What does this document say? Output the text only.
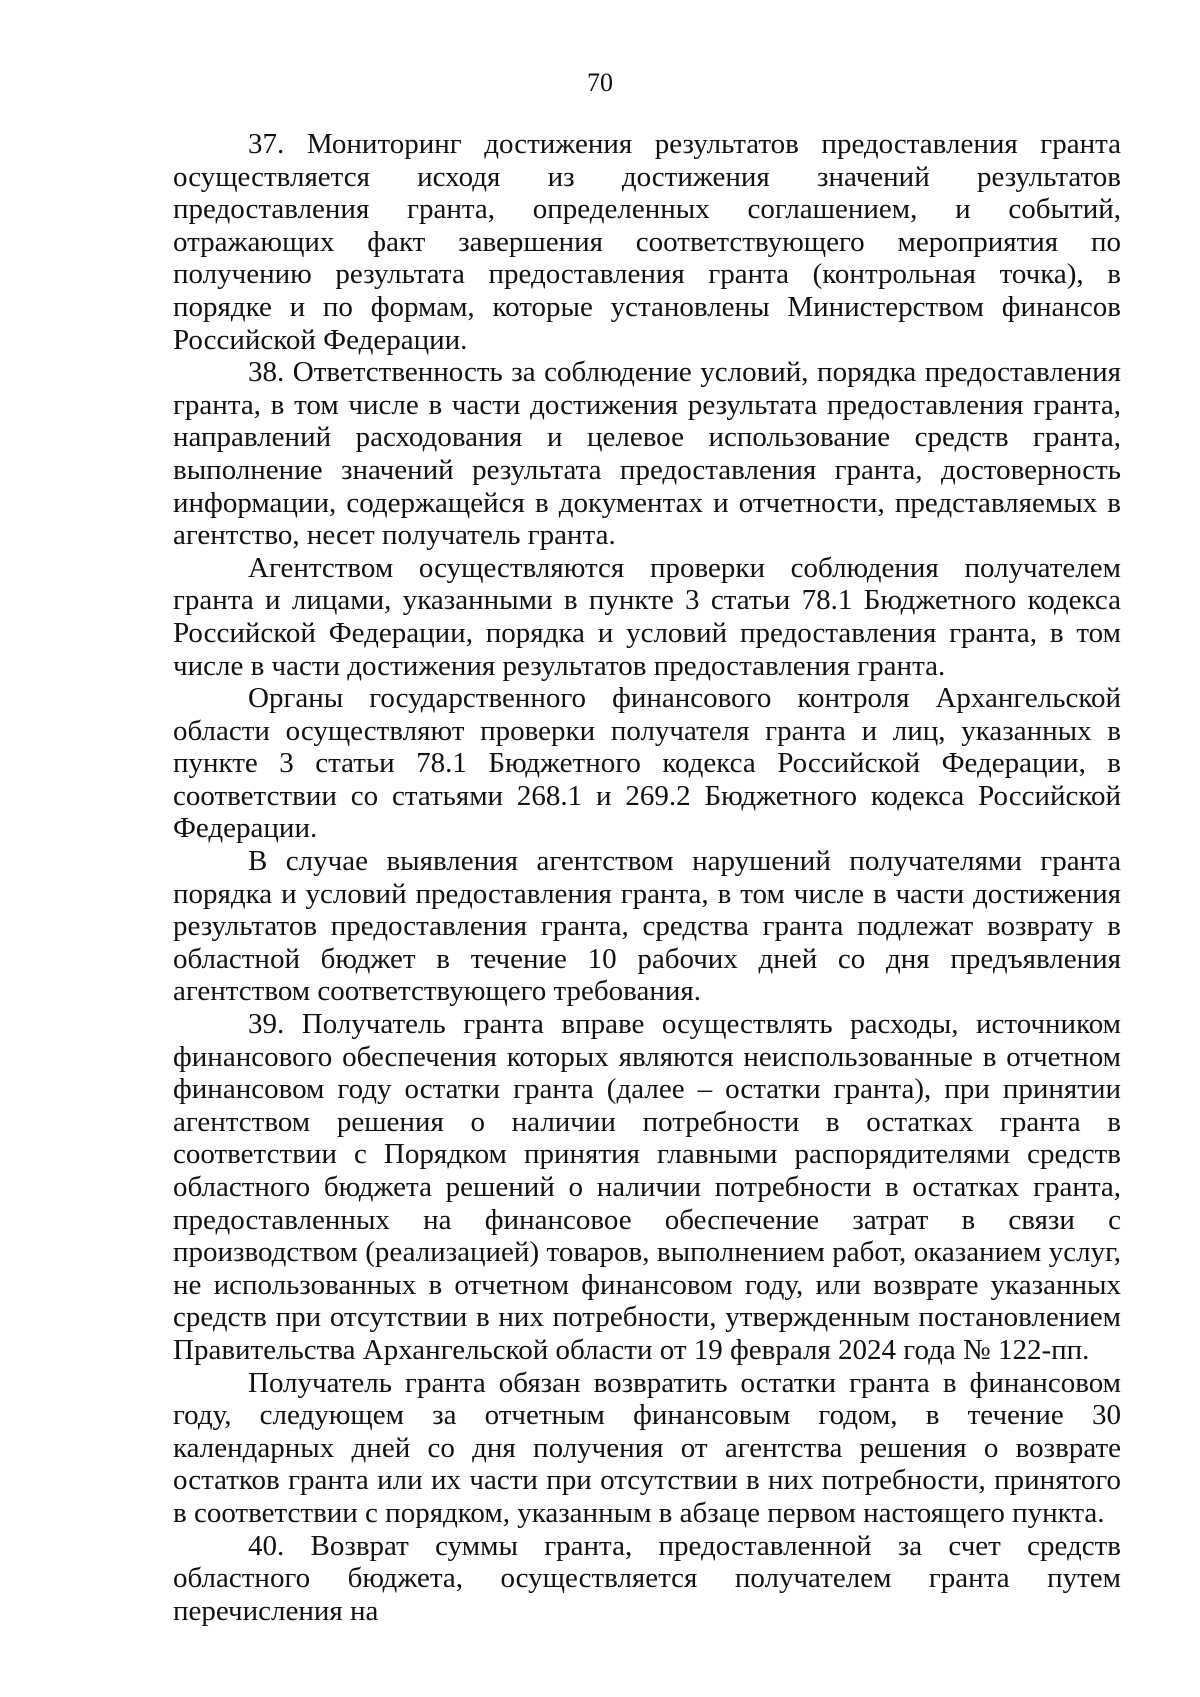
70

37. Мониторинг достижения результатов предоставления гранта осуществляется исходя из достижения значений результатов предоставления гранта, определенных соглашением, и событий, отражающих факт завершения соответствующего мероприятия по получению результата предоставления гранта (контрольная точка), в порядке и по формам, которые установлены Министерством финансов Российской Федерации.

38. Ответственность за соблюдение условий, порядка предоставления гранта, в том числе в части достижения результата предоставления гранта, направлений расходования и целевое использование средств гранта, выполнение значений результата предоставления гранта, достоверность информации, содержащейся в документах и отчетности, представляемых в агентство, несет получатель гранта.

Агентством осуществляются проверки соблюдения получателем гранта и лицами, указанными в пункте 3 статьи 78.1 Бюджетного кодекса Российской Федерации, порядка и условий предоставления гранта, в том числе в части достижения результатов предоставления гранта.

Органы государственного финансового контроля Архангельской области осуществляют проверки получателя гранта и лиц, указанных в пункте 3 статьи 78.1 Бюджетного кодекса Российской Федерации, в соответствии со статьями 268.1 и 269.2 Бюджетного кодекса Российской Федерации.

В случае выявления агентством нарушений получателями гранта порядка и условий предоставления гранта, в том числе в части достижения результатов предоставления гранта, средства гранта подлежат возврату в областной бюджет в течение 10 рабочих дней со дня предъявления агентством соответствующего требования.

39. Получатель гранта вправе осуществлять расходы, источником финансового обеспечения которых являются неиспользованные в отчетном финансовом году остатки гранта (далее – остатки гранта), при принятии агентством решения о наличии потребности в остатках гранта в соответствии с Порядком принятия главными распорядителями средств областного бюджета решений о наличии потребности в остатках гранта, предоставленных на финансовое обеспечение затрат в связи с производством (реализацией) товаров, выполнением работ, оказанием услуг, не использованных в отчетном финансовом году, или возврате указанных средств при отсутствии в них потребности, утвержденным постановлением Правительства Архангельской области от 19 февраля 2024 года № 122-пп.

Получатель гранта обязан возвратить остатки гранта в финансовом году, следующем за отчетным финансовым годом, в течение 30 календарных дней со дня получения от агентства решения о возврате остатков гранта или их части при отсутствии в них потребности, принятого в соответствии с порядком, указанным в абзаце первом настоящего пункта.

40. Возврат суммы гранта, предоставленной за счет средств областного бюджета, осуществляется получателем гранта путем перечисления на
